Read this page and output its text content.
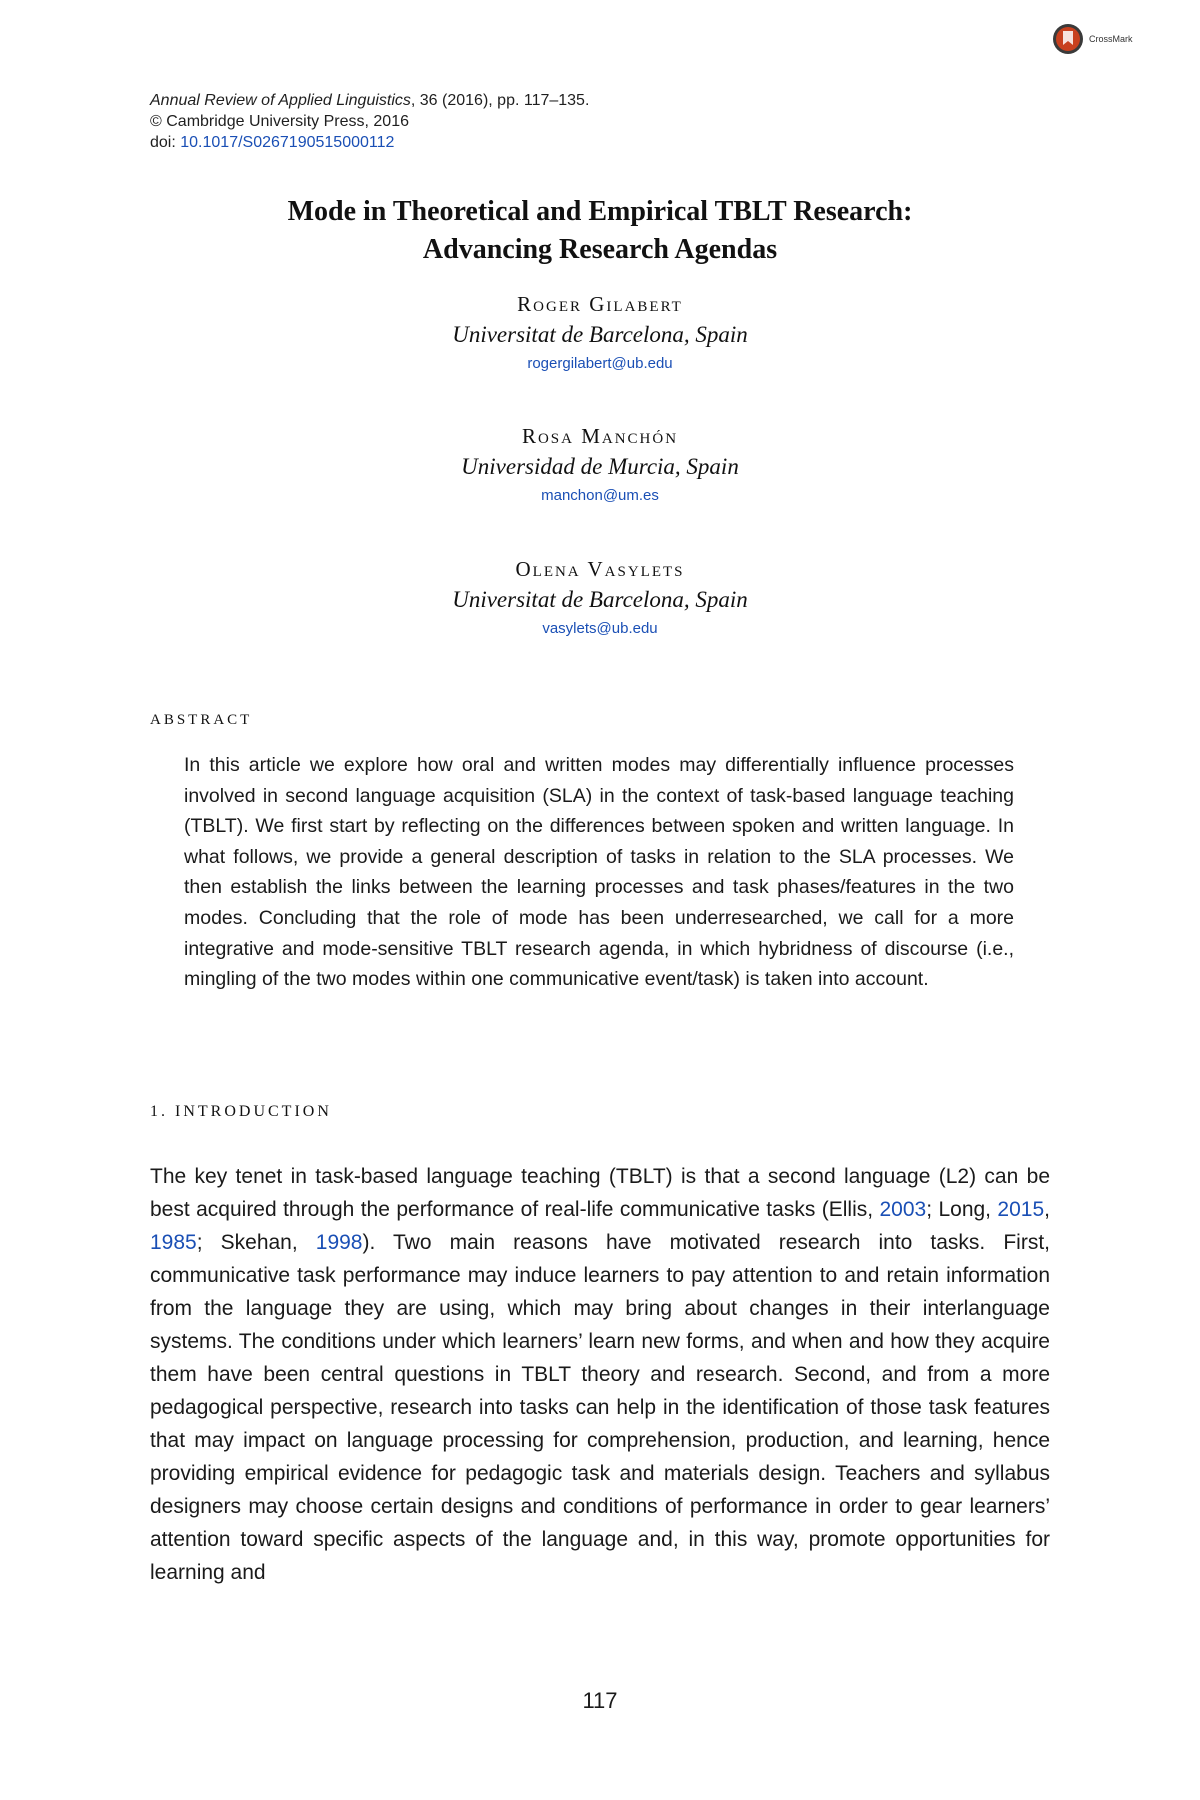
CrossMark
Annual Review of Applied Linguistics, 36 (2016), pp. 117–135.
© Cambridge University Press, 2016
doi: 10.1017/S0267190515000112
Mode in Theoretical and Empirical TBLT Research:
Advancing Research Agendas
Roger Gilabert
Universitat de Barcelona, Spain
rogergilabert@ub.edu
Rosa Manchón
Universidad de Murcia, Spain
manchon@um.es
Olena Vasylets
Universitat de Barcelona, Spain
vasylets@ub.edu
ABSTRACT

In this article we explore how oral and written modes may differentially influence processes involved in second language acquisition (SLA) in the context of task-based language teaching (TBLT). We first start by reflecting on the differences between spoken and written language. In what follows, we provide a general description of tasks in relation to the SLA processes. We then establish the links between the learning processes and task phases/features in the two modes. Concluding that the role of mode has been underresearched, we call for a more integrative and mode-sensitive TBLT research agenda, in which hybridness of discourse (i.e., mingling of the two modes within one communicative event/task) is taken into account.

1. INTRODUCTION

The key tenet in task-based language teaching (TBLT) is that a second language (L2) can be best acquired through the performance of real-life communicative tasks (Ellis, 2003; Long, 2015, 1985; Skehan, 1998). Two main reasons have motivated research into tasks. First, communicative task performance may induce learners to pay attention to and retain information from the language they are using, which may bring about changes in their interlanguage systems. The conditions under which learners’ learn new forms, and when and how they acquire them have been central questions in TBLT theory and research. Second, and from a more pedagogical perspective, research into tasks can help in the identification of those task features that may impact on language processing for comprehension, production, and learning, hence providing empirical evidence for pedagogic task and materials design. Teachers and syllabus designers may choose certain designs and conditions of performance in order to gear learners’ attention toward specific aspects of the language and, in this way, promote opportunities for learning and

117
